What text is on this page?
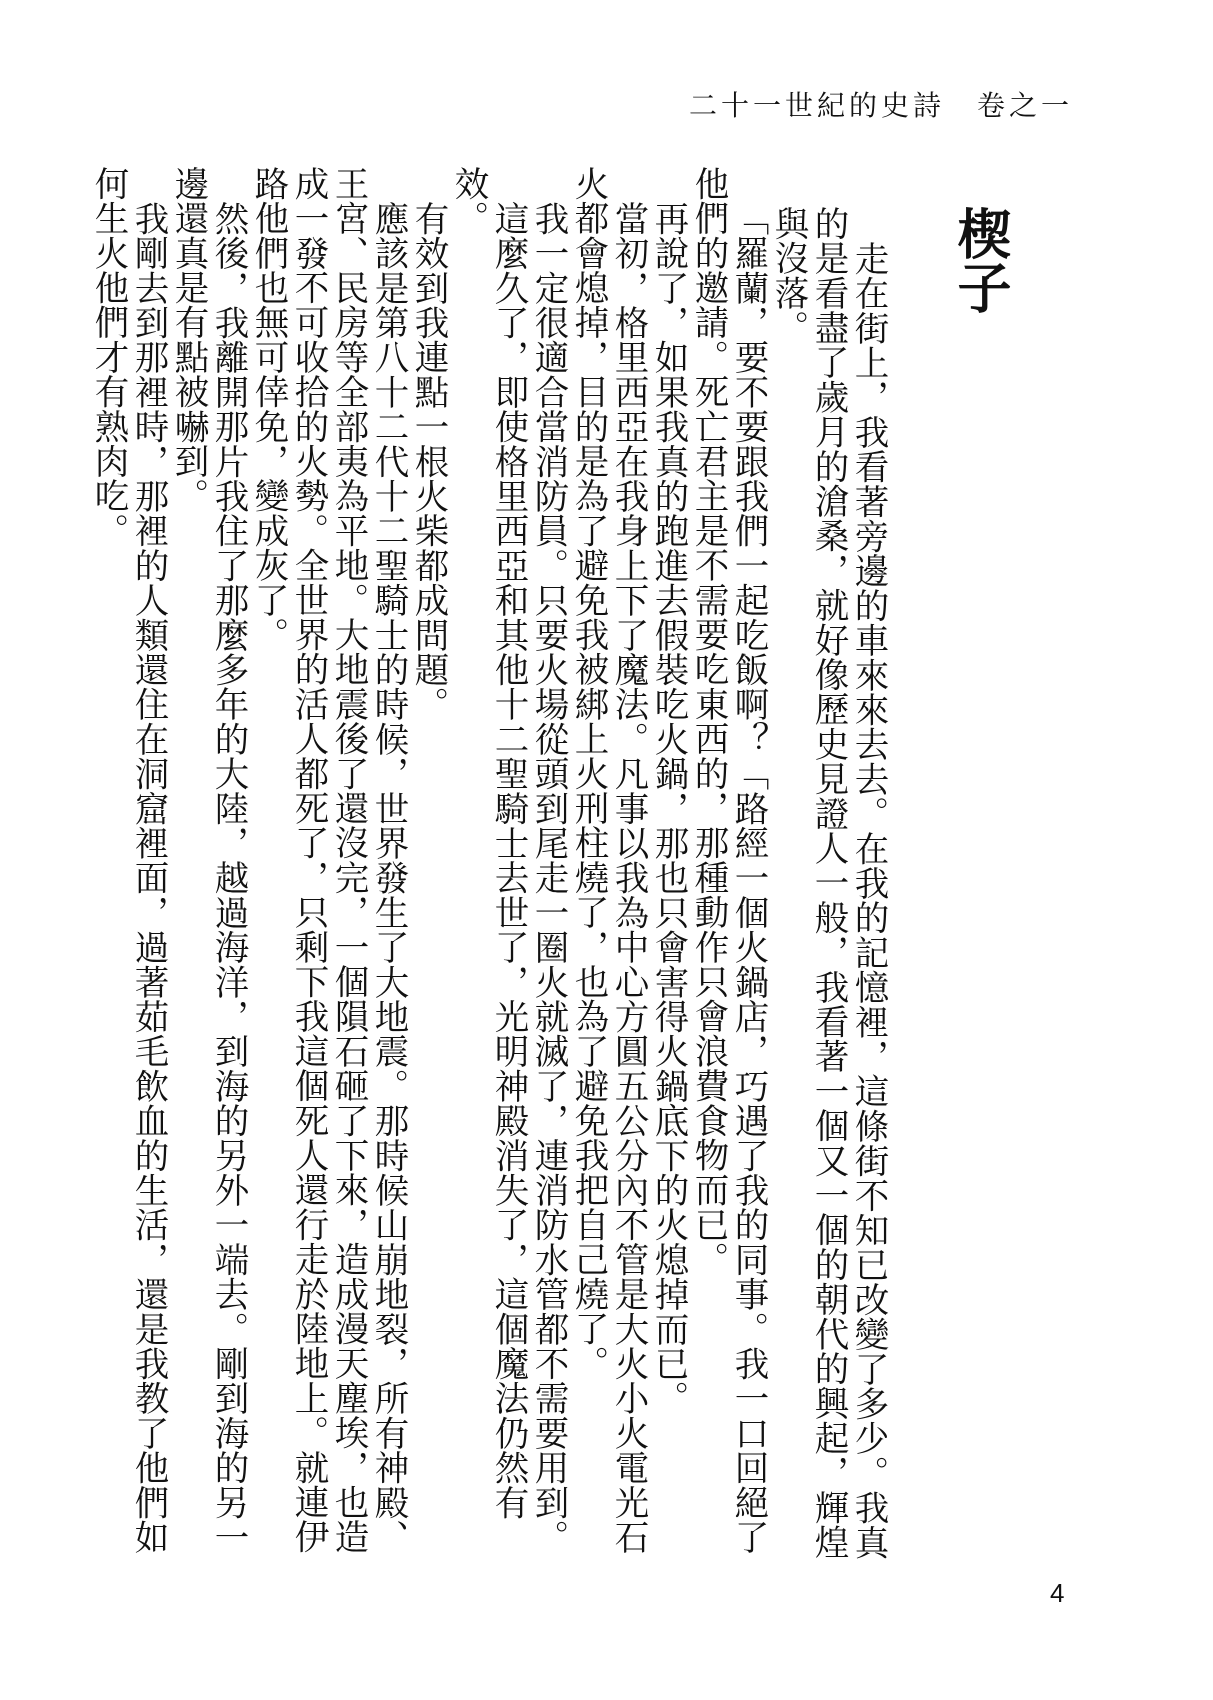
二十一世紀的史詩　卷之一
楔子

走在街上，我看著旁邊的車來來去去。在我的記憶裡，這條街不知已改變了多少。我真的是看盡了歲月的滄桑，就好像歷史見證人一般，我看著一個又一個的朝代的興起，輝煌與沒落。

「羅蘭，要不要跟我們一起吃飯啊？「路經一個火鍋店，巧遇了我的同事。我一口回絕了他們的邀請。死亡君主是不需要吃東西的，那種動作只會浪費食物而已。

再說了，如果我真的跑進去假裝吃火鍋，那也只會害得火鍋底下的火熄掉而已。

當初，格里西亞在我身上下了魔法。凡事以我為中心方圓五公分內不管是大火小火電光石火都會熄掉，目的是為了避免我被綁上火刑柱燒了，也為了避免我把自己燒了。

我一定很適合當消防員。只要火場從頭到尾走一圈火就滅了，連消防水管都不需要用到。

這麼久了，即使格里西亞和其他十二聖騎士去世了，光明神殿消失了，這個魔法仍然有效。

有效到我連點一根火柴都成問題。

應該是第八十二代十二聖騎士的時候，世界發生了大地震。那時候山崩地裂，所有神殿、王宮、民房等全部夷為平地。大地震後了還沒完，一個隕石砸了下來，造成漫天塵埃，也造成一發不可收拾的火勢。全世界的活人都死了，只剩下我這個死人還行走於陸地上。就連伊路他們也無可倖免，變成灰了。

然後，我離開那片我住了那麼多年的大陸，越過海洋，到海的另外一端去。剛到海的另一邊還真是有點被嚇到。

我剛去到那裡時，那裡的人類還住在洞窟裡面，過著茹毛飲血的生活，還是我教了他們如何生火他們才有熟肉吃。

4
